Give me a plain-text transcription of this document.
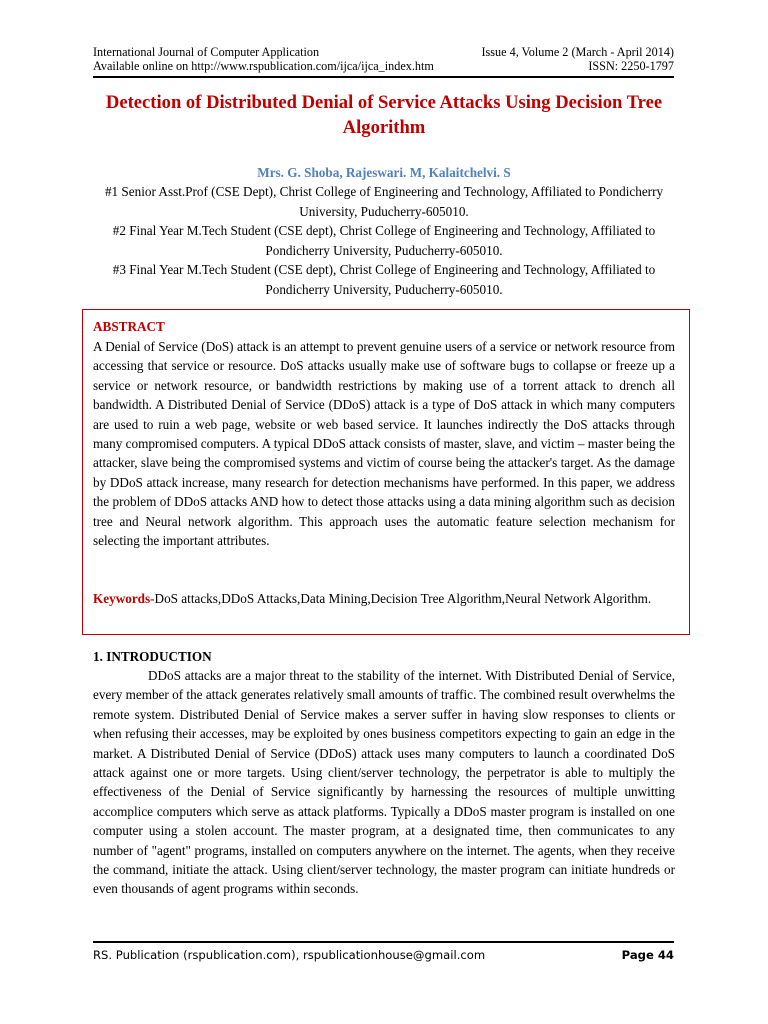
International Journal of Computer Application	Issue 4, Volume 2 (March - April 2014)
Available online on http://www.rspublication.com/ijca/ijca_index.htm	ISSN: 2250-1797
Detection of Distributed Denial of Service Attacks Using Decision Tree Algorithm
Mrs. G. Shoba, Rajeswari. M, Kalaitchelvi. S
#1 Senior Asst.Prof (CSE Dept), Christ College of Engineering and Technology, Affiliated to Pondicherry University, Puducherry-605010.
#2 Final Year M.Tech Student (CSE dept), Christ College of Engineering and Technology, Affiliated to Pondicherry University, Puducherry-605010.
#3 Final Year M.Tech Student (CSE dept), Christ College of Engineering and Technology, Affiliated to Pondicherry University, Puducherry-605010.
ABSTRACT
A Denial of Service (DoS) attack is an attempt to prevent genuine users of a service or network resource from accessing that service or resource. DoS attacks usually make use of software bugs to collapse or freeze up a service or network resource, or bandwidth restrictions by making use of a torrent attack to drench all bandwidth. A Distributed Denial of Service (DDoS) attack is a type of DoS attack in which many computers are used to ruin a web page, website or web based service. It launches indirectly the DoS attacks through many compromised computers. A typical DDoS attack consists of master, slave, and victim – master being the attacker, slave being the compromised systems and victim of course being the attacker's target. As the damage by DDoS attack increase, many research for detection mechanisms have performed. In this paper, we address the problem of DDoS attacks AND how to detect those attacks using a data mining algorithm such as decision tree and Neural network algorithm. This approach uses the automatic feature selection mechanism for selecting the important attributes.
Keywords-DoS attacks,DDoS Attacks,Data Mining,Decision Tree Algorithm,Neural Network Algorithm.
1. INTRODUCTION
DDoS attacks are a major threat to the stability of the internet. With Distributed Denial of Service, every member of the attack generates relatively small amounts of traffic. The combined result overwhelms the remote system. Distributed Denial of Service makes a server suffer in having slow responses to clients or when refusing their accesses, may be exploited by ones business competitors expecting to gain an edge in the market. A Distributed Denial of Service (DDoS) attack uses many computers to launch a coordinated DoS attack against one or more targets. Using client/server technology, the perpetrator is able to multiply the effectiveness of the Denial of Service significantly by harnessing the resources of multiple unwitting accomplice computers which serve as attack platforms. Typically a DDoS master program is installed on one computer using a stolen account. The master program, at a designated time, then communicates to any number of "agent" programs, installed on computers anywhere on the internet. The agents, when they receive the command, initiate the attack. Using client/server technology, the master program can initiate hundreds or even thousands of agent programs within seconds.
RS. Publication (rspublication.com), rspublicationhouse@gmail.com	Page 44
